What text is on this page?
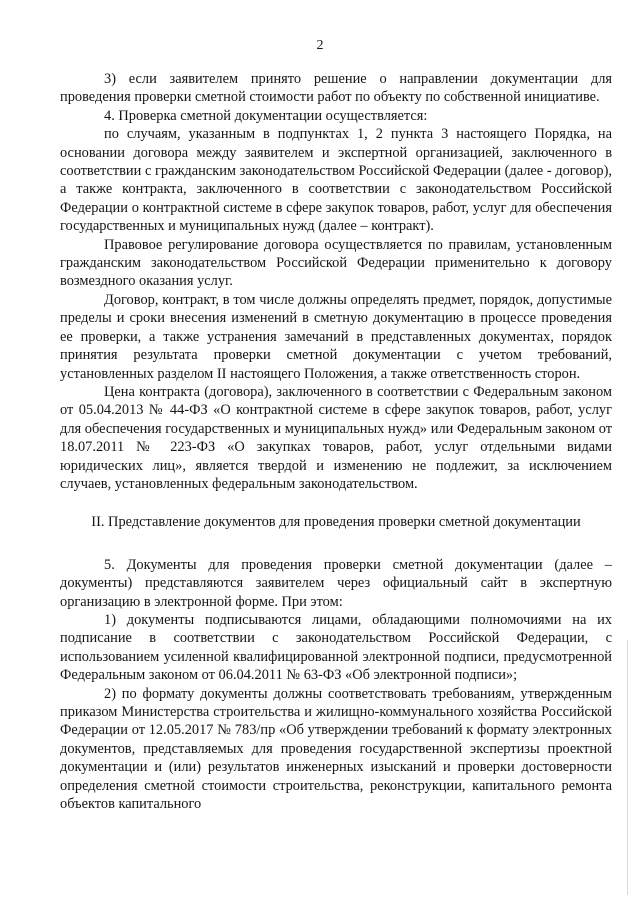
2

3) если заявителем принято решение о направлении документации для проведения проверки сметной стоимости работ по объекту по собственной инициативе.

4. Проверка сметной документации осуществляется:

по случаям, указанным в подпунктах 1, 2 пункта 3 настоящего Порядка, на основании договора между заявителем и экспертной организацией, заключенного в соответствии с гражданским законодательством Российской Федерации (далее - договор), а также контракта, заключенного в соответствии с законодательством Российской Федерации о контрактной системе в сфере закупок товаров, работ, услуг для обеспечения государственных и муниципальных нужд (далее – контракт).

Правовое регулирование договора осуществляется по правилам, установленным гражданским законодательством Российской Федерации применительно к договору возмездного оказания услуг.

Договор, контракт, в том числе должны определять предмет, порядок, допустимые пределы и сроки внесения изменений в сметную документацию в процессе проведения ее проверки, а также устранения замечаний в представленных документах, порядок принятия результата проверки сметной документации с учетом требований, установленных разделом II настоящего Положения, а также ответственность сторон.

Цена контракта (договора), заключенного в соответствии с Федеральным законом от 05.04.2013 № 44-ФЗ «О контрактной системе в сфере закупок товаров, работ, услуг для обеспечения государственных и муниципальных нужд» или Федеральным законом от 18.07.2011 № 223-ФЗ «О закупках товаров, работ, услуг отдельными видами юридических лиц», является твердой и изменению не подлежит, за исключением случаев, установленных федеральным законодательством.

II. Представление документов для проведения проверки сметной документации

5. Документы для проведения проверки сметной документации (далее – документы) представляются заявителем через официальный сайт в экспертную организацию в электронной форме. При этом:

1) документы подписываются лицами, обладающими полномочиями на их подписание в соответствии с законодательством Российской Федерации, с использованием усиленной квалифицированной электронной подписи, предусмотренной Федеральным законом от 06.04.2011 № 63-ФЗ «Об электронной подписи»;

2) по формату документы должны соответствовать требованиям, утвержденным приказом Министерства строительства и жилищно-коммунального хозяйства Российской Федерации от 12.05.2017 № 783/пр «Об утверждении требований к формату электронных документов, представляемых для проведения государственной экспертизы проектной документации и (или) результатов инженерных изысканий и проверки достоверности определения сметной стоимости строительства, реконструкции, капитального ремонта объектов капитального
